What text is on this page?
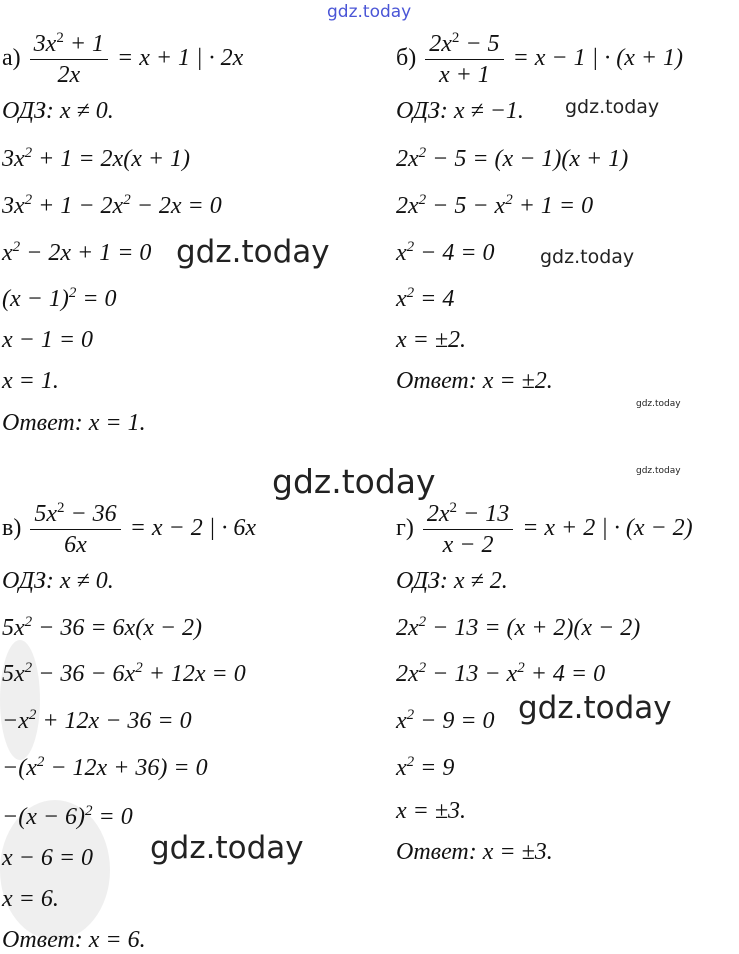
gdz.today
gdz.today
gdz.today	gdz.today
gdz.today
gdz.today
gdz.today
gdz.today
gdz.today
$а) \frac{3x^2 + 1}{2x} = x + 1$ | · 2x
ОДЗ: x ≠ 0.
$3x^2 + 1 = 2x(x + 1)$
$3x^2 + 1 - 2x^2 - 2x = 0$
$x^2 - 2x + 1 = 0$
$(x - 1)^2 = 0$
x − 1 = 0
x = 1.
Ответ: x = 1.
$б) \frac{2x^2 - 5}{x + 1} = x - 1$ | · (x + 1)
ОДЗ: x ≠ −1.
$2x^2 - 5 = (x - 1)(x + 1)$
$2x^2 - 5 - x^2 + 1 = 0$
$x^2 - 4 = 0$
$x^2 = 4$
x = ±2.
Ответ: x = ±2.
$в) \frac{5x^2 - 36}{6x} = x - 2$ | · 6x
ОДЗ: x ≠ 0.
$5x^2 - 36 = 6x(x - 2)$
$5x^2 - 36 - 6x^2 + 12x = 0$
$-x^2 + 12x - 36 = 0$
$-(x^2 - 12x + 36) = 0$
$-(x - 6)^2 = 0$
x − 6 = 0
x = 6.
Ответ: x = 6.
$г) \frac{2x^2 - 13}{x - 2} = x + 2$ | · (x − 2)
ОДЗ: x ≠ 2.
$2x^2 - 13 = (x + 2)(x - 2)$
$2x^2 - 13 - x^2 + 4 = 0$
$x^2 - 9 = 0$
$x^2 = 9$
x = ±3.
Ответ: x = ±3.
